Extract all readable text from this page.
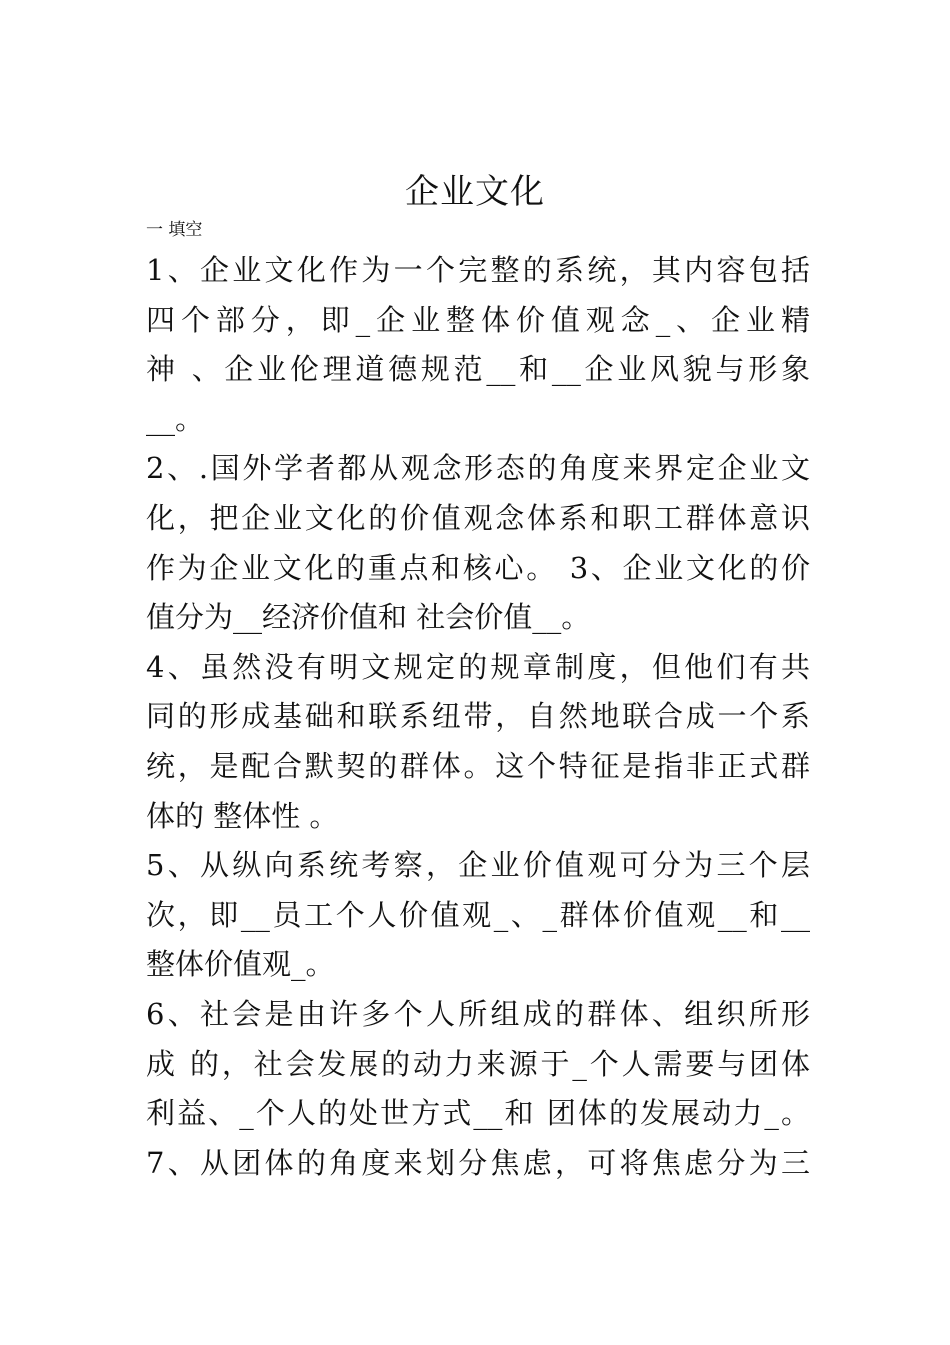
企业文化
一 填空
1、企业文化作为一个完整的系统，其内容包括
四个部分，即_企业整体价值观念_、企业精
神 、企业伦理道德规范__和__企业风貌与形象
__。
2、.国外学者都从观念形态的角度来界定企业文
化，把企业文化的价值观念体系和职工群体意识
作为企业文化的重点和核心。 3、企业文化的价
值分为__经济价值和 社会价值__。
4、虽然没有明文规定的规章制度，但他们有共
同的形成基础和联系纽带，自然地联合成一个系
统，是配合默契的群体。这个特征是指非正式群
体的 整体性 。
5、从纵向系统考察，企业价值观可分为三个层
次，即__员工个人价值观_、_群体价值观__和__
整体价值观_。
6、社会是由许多个人所组成的群体、组织所形
成 的，社会发展的动力来源于_个人需要与团体
利益、_个人的处世方式__和 团体的发展动力_。
7、从团体的角度来划分焦虑，可将焦虑分为三
